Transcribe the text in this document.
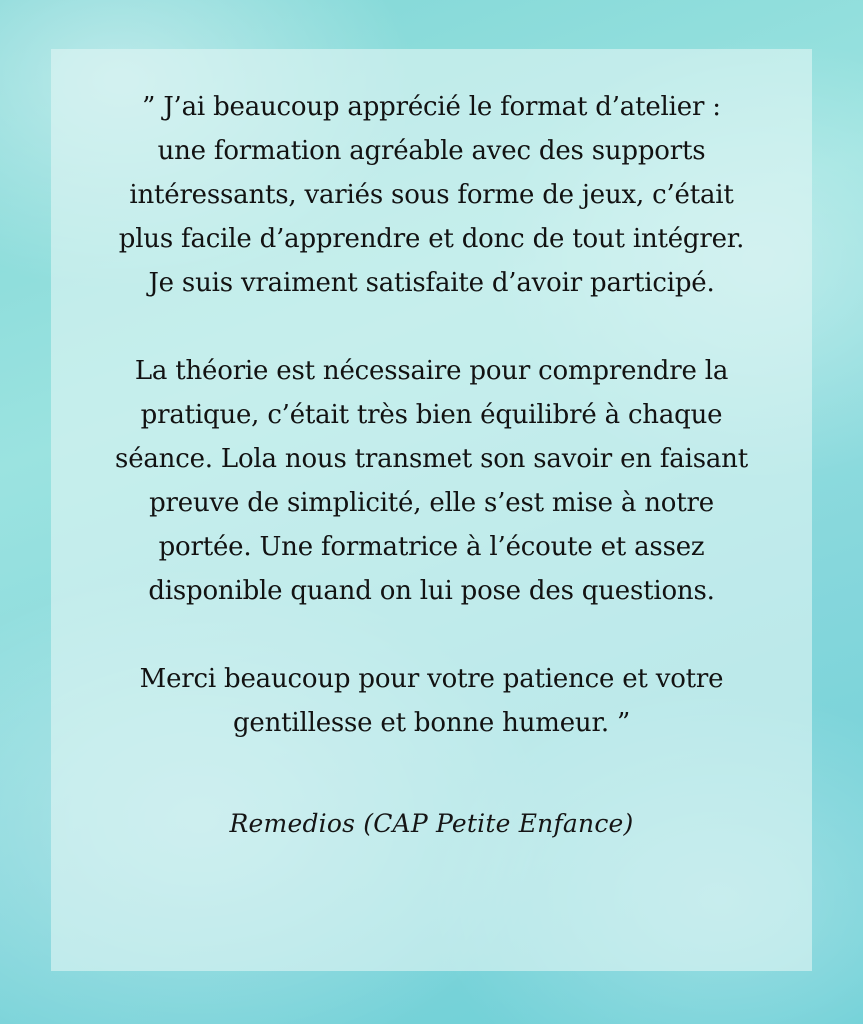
” J’ai beaucoup apprécié le format d’atelier :
une formation agréable avec des supports
intéressants, variés sous forme de jeux, c’était
plus facile d’apprendre et donc de tout intégrer.
Je suis vraiment satisfaite d’avoir participé.

La théorie est nécessaire pour comprendre la
pratique, c’était très bien équilibré à chaque
séance. Lola nous transmet son savoir en faisant
preuve de simplicité, elle s’est mise à notre
portée. Une formatrice à l’écoute et assez
disponible quand on lui pose des questions.

Merci beaucoup pour votre patience et votre
gentillesse et bonne humeur. ”

Remedios (CAP Petite Enfance)
